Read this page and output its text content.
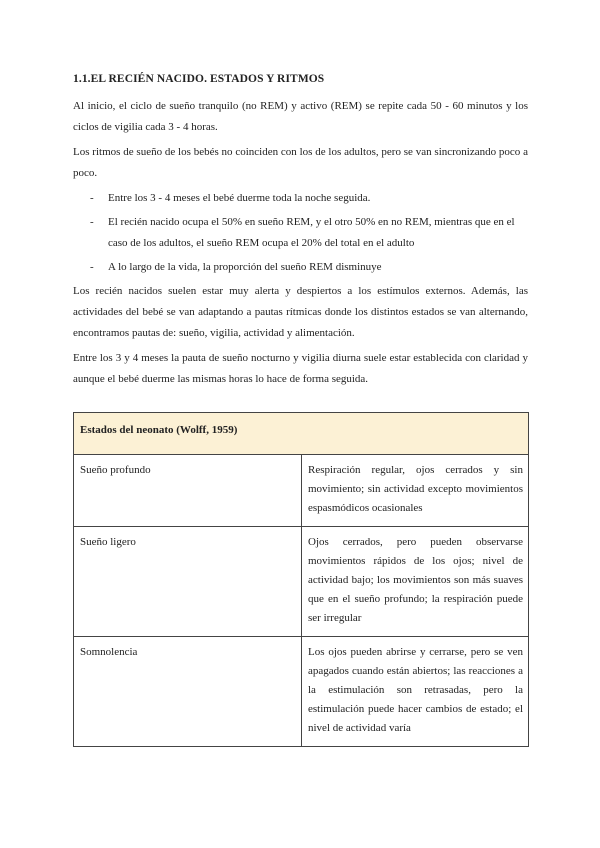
1.1.EL RECIÉN NACIDO. ESTADOS Y RITMOS

Al inicio, el ciclo de sueño tranquilo (no REM) y activo (REM) se repite cada 50 - 60 minutos y los ciclos de vigilia cada 3 - 4 horas.

Los ritmos de sueño de los bebés no coinciden con los de los adultos, pero se van sincronizando poco a poco.

- Entre los 3 - 4 meses el bebé duerme toda la noche seguida.
- El recién nacido ocupa el 50% en sueño REM, y el otro 50% en no REM, mientras que en el caso de los adultos, el sueño REM ocupa el 20% del total en el adulto
- A lo largo de la vida, la proporción del sueño REM disminuye

Los recién nacidos suelen estar muy alerta y despiertos a los estímulos externos. Además, las actividades del bebé se van adaptando a pautas rítmicas donde los distintos estados se van alternando, encontramos pautas de: sueño, vigilia, actividad y alimentación.

Entre los 3 y 4 meses la pauta de sueño nocturno y vigilia diurna suele estar establecida con claridad y aunque el bebé duerme las mismas horas lo hace de forma seguida.

Estados del neonato (Wolff, 1959)	
Sueño profundo	Respiración regular, ojos cerrados y sin movimiento; sin actividad excepto movimientos espasmódicos ocasionales
Sueño ligero	Ojos cerrados, pero pueden observarse movimientos rápidos de los ojos; nivel de actividad bajo; los movimientos son más suaves que en el sueño profundo; la respiración puede ser irregular
Somnolencia	Los ojos pueden abrirse y cerrarse, pero se ven apagados cuando están abiertos; las reacciones a la estimulación son retrasadas, pero la estimulación puede hacer cambios de estado; el nivel de actividad varía
